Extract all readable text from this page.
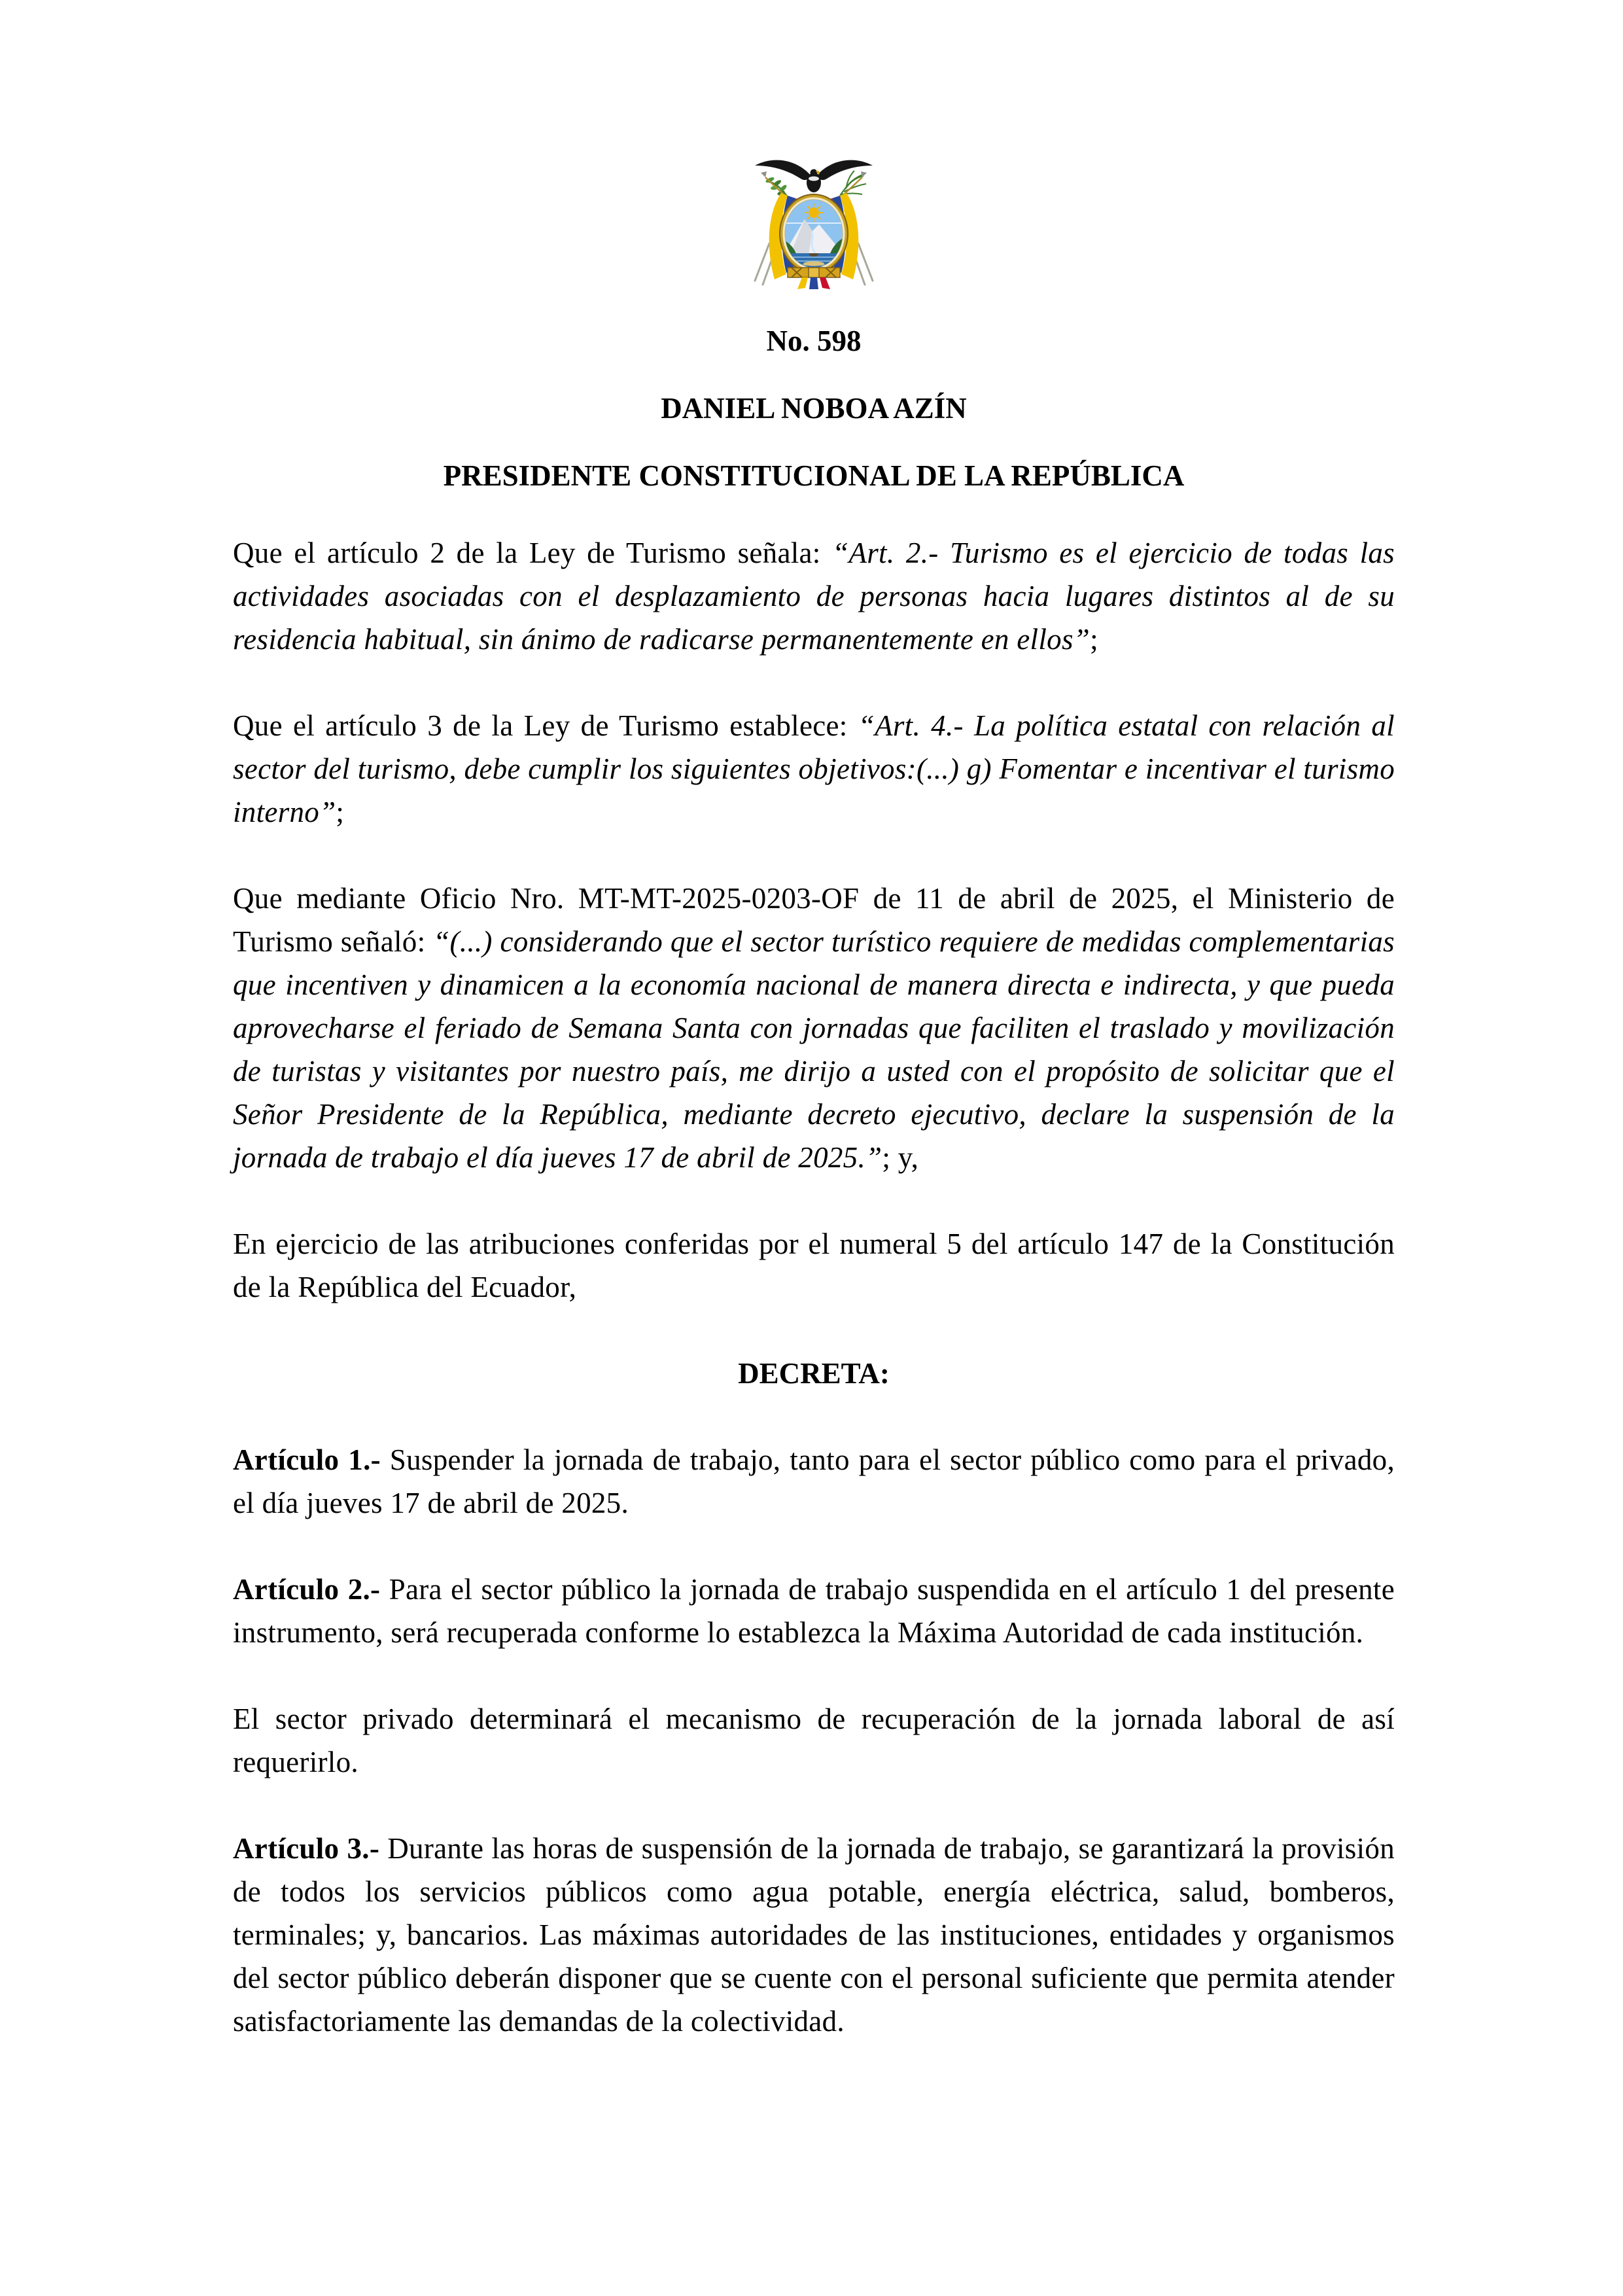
No. 598

DANIEL NOBOA AZÍN

PRESIDENTE CONSTITUCIONAL DE LA REPÚBLICA

Que el artículo 2 de la Ley de Turismo señala: “Art. 2.- Turismo es el ejercicio de todas las actividades asociadas con el desplazamiento de personas hacia lugares distintos al de su residencia habitual, sin ánimo de radicarse permanentemente en ellos”;

Que el artículo 3 de la Ley de Turismo establece: “Art. 4.- La política estatal con relación al sector del turismo, debe cumplir los siguientes objetivos:(...) g) Fomentar e incentivar el turismo interno”;

Que mediante Oficio Nro. MT-MT-2025-0203-OF de 11 de abril de 2025, el Ministerio de Turismo señaló: “(...) considerando que el sector turístico requiere de medidas complementarias que incentiven y dinamicen a la economía nacional de manera directa e indirecta, y que pueda aprovecharse el feriado de Semana Santa con jornadas que faciliten el traslado y movilización de turistas y visitantes por nuestro país, me dirijo a usted con el propósito de solicitar que el Señor Presidente de la República, mediante decreto ejecutivo, declare la suspensión de la jornada de trabajo el día jueves 17 de abril de 2025.”; y,

En ejercicio de las atribuciones conferidas por el numeral 5 del artículo 147 de la Constitución de la República del Ecuador,

DECRETA:

Artículo 1.- Suspender la jornada de trabajo, tanto para el sector público como para el privado, el día jueves 17 de abril de 2025.

Artículo 2.- Para el sector público la jornada de trabajo suspendida en el artículo 1 del presente instrumento, será recuperada conforme lo establezca la Máxima Autoridad de cada institución.

El sector privado determinará el mecanismo de recuperación de la jornada laboral de así requerirlo.

Artículo 3.- Durante las horas de suspensión de la jornada de trabajo, se garantizará la provisión de todos los servicios públicos como agua potable, energía eléctrica, salud, bomberos, terminales; y, bancarios. Las máximas autoridades de las instituciones, entidades y organismos del sector público deberán disponer que se cuente con el personal suficiente que permita atender satisfactoriamente las demandas de la colectividad.
